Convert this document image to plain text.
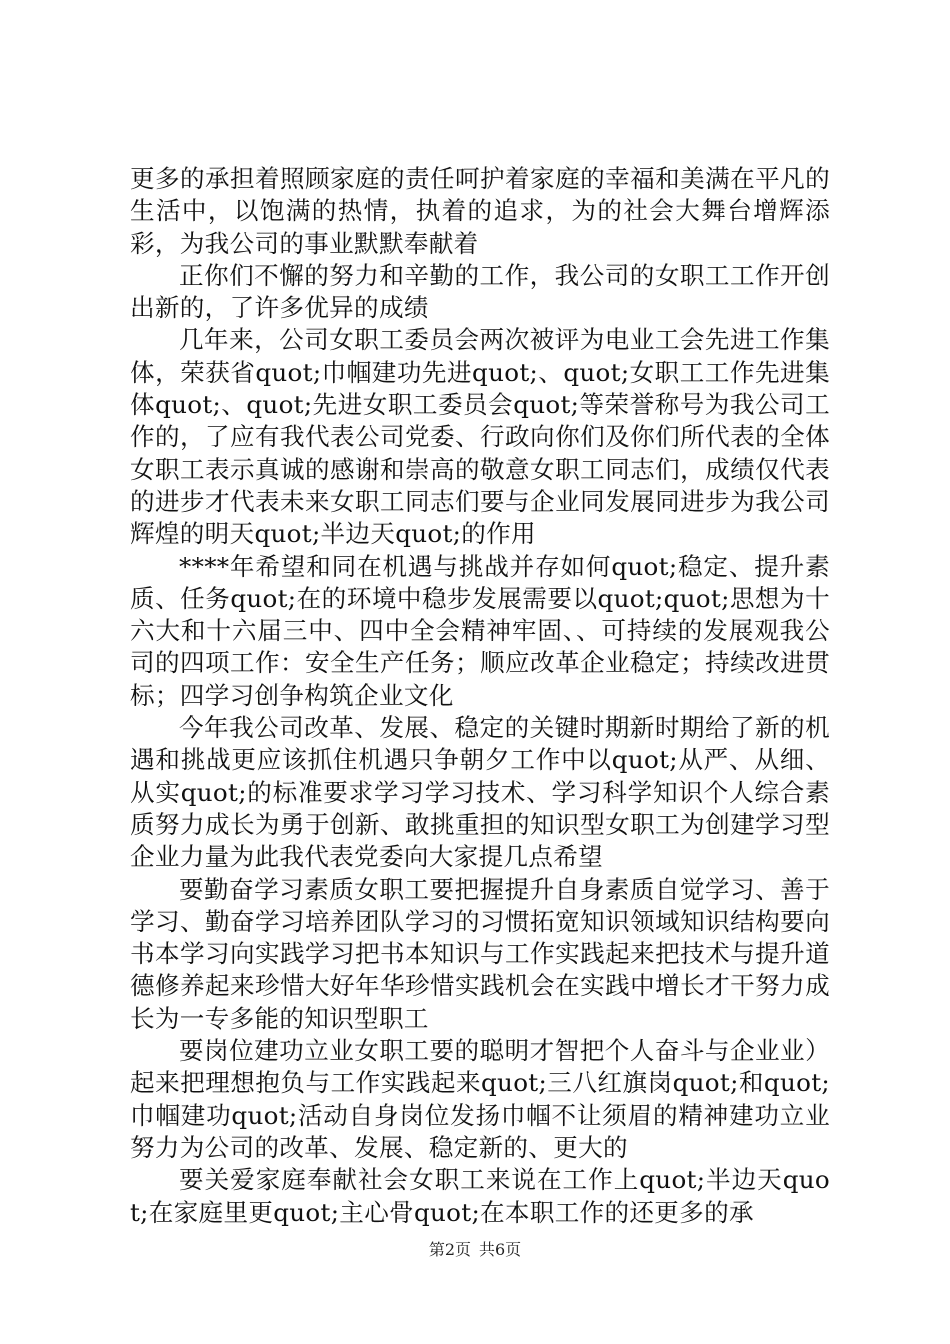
更多的承担着照顾家庭的责任呵护着家庭的幸福和美满在平凡的生活中，以饱满的热情，执着的追求，为的社会大舞台增辉添彩，为我公司的事业默默奉献着

正你们不懈的努力和辛勤的工作，我公司的女职工工作开创出新的，了许多优异的成绩

几年来，公司女职工委员会两次被评为电业工会先进工作集体，荣获省quot;巾帼建功先进quot;、quot;女职工工作先进集体quot;、quot;先进女职工委员会quot;等荣誉称号为我公司工作的，了应有我代表公司党委、行政向你们及你们所代表的全体女职工表示真诚的感谢和崇高的敬意女职工同志们，成绩仅代表的进步才代表未来女职工同志们要与企业同发展同进步为我公司辉煌的明天quot;半边天quot;的作用

****年希望和同在机遇与挑战并存如何quot;稳定、提升素质、任务quot;在的环境中稳步发展需要以quot;quot;思想为十六大和十六届三中、四中全会精神牢固、、可持续的发展观我公司的四项工作：安全生产任务；顺应改革企业稳定；持续改进贯标；四学习创争构筑企业文化

今年我公司改革、发展、稳定的关键时期新时期给了新的机遇和挑战更应该抓住机遇只争朝夕工作中以quot;从严、从细、从实quot;的标准要求学习学习技术、学习科学知识个人综合素质努力成长为勇于创新、敢挑重担的知识型女职工为创建学习型企业力量为此我代表党委向大家提几点希望

要勤奋学习素质女职工要把握提升自身素质自觉学习、善于学习、勤奋学习培养团队学习的习惯拓宽知识领域知识结构要向书本学习向实践学习把书本知识与工作实践起来把技术与提升道德修养起来珍惜大好年华珍惜实践机会在实践中增长才干努力成长为一专多能的知识型职工

要岗位建功立业女职工要的聪明才智把个人奋斗与企业业）起来把理想抱负与工作实践起来quot;三八红旗岗quot;和quot;巾帼建功quot;活动自身岗位发扬巾帼不让须眉的精神建功立业努力为公司的改革、发展、稳定新的、更大的

要关爱家庭奉献社会女职工来说在工作上quot;半边天quot;在家庭里更quot;主心骨quot;在本职工作的还更多的承

第2页 共6页
